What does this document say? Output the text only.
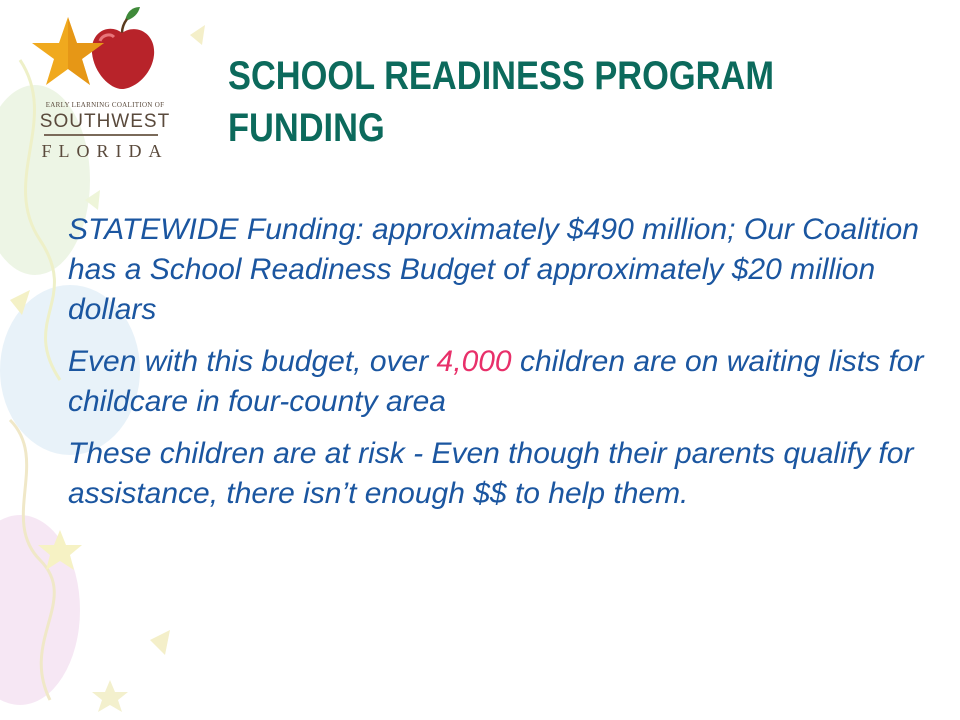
EARLY LEARNING COALITION OF
SOUTHWEST
FLORIDA
SCHOOL READINESS PROGRAM
FUNDING

STATEWIDE Funding: approximately $490 million; Our Coalition has a School Readiness Budget of approximately $20 million dollars

Even with this budget, over 4,000 children are on waiting lists for childcare in four-county area

These children are at risk - Even though their parents qualify for assistance, there isn’t enough $$ to help them.
